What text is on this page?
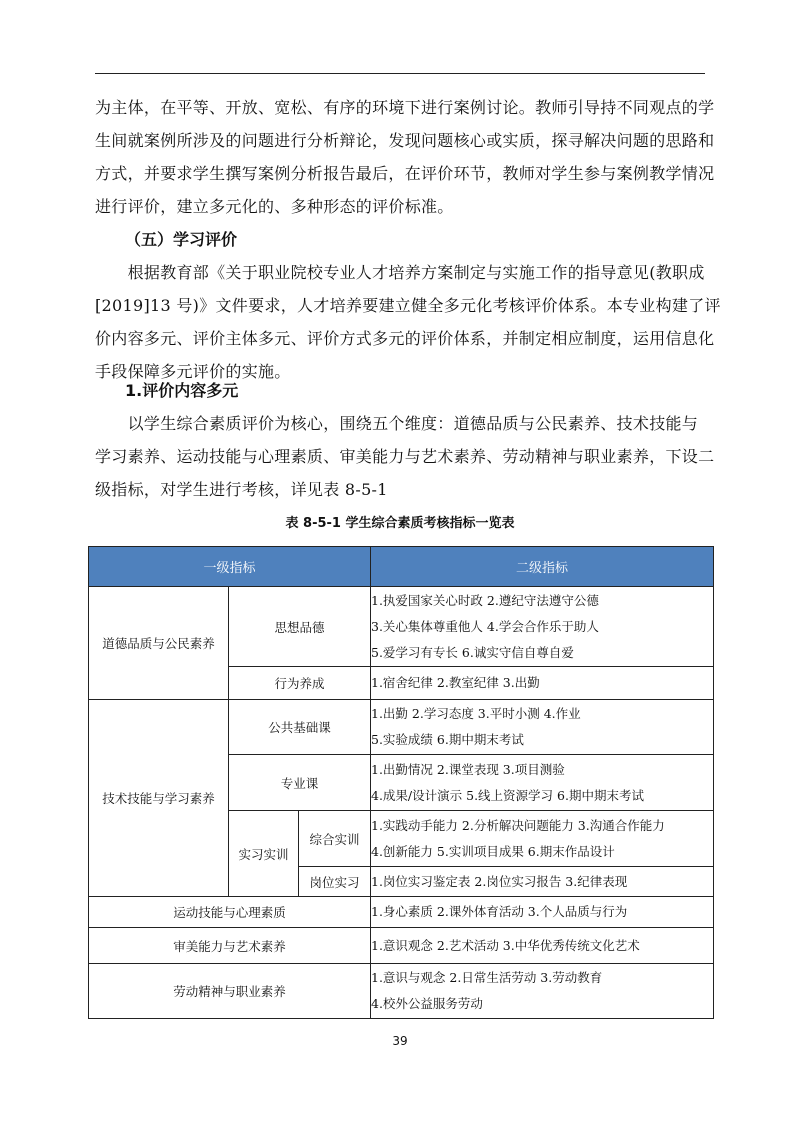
为主体，在平等、开放、宽松、有序的环境下进行案例讨论。教师引导持不同观点的学
生间就案例所涉及的问题进行分析辩论，发现问题核心或实质，探寻解决问题的思路和
方式，并要求学生撰写案例分析报告最后，在评价环节，教师对学生参与案例教学情况
进行评价，建立多元化的、多种形态的评价标准。
（五）学习评价
　　根据教育部《关于职业院校专业人才培养方案制定与实施工作的指导意见(教职成
[2019]13 号)》文件要求，人才培养要建立健全多元化考核评价体系。本专业构建了评
价内容多元、评价主体多元、评价方式多元的评价体系，并制定相应制度，运用信息化
手段保障多元评价的实施。
1.评价内容多元
　　以学生综合素质评价为核心，围绕五个维度：道德品质与公民素养、技术技能与
学习素养、运动技能与心理素质、审美能力与艺术素养、劳动精神与职业素养，下设二
级指标，对学生进行考核，详见表 8-5-1
表 8-5-1 学生综合素质考核指标一览表
一级指标			二级指标
道德品质与公民素养	思想品德		1.执爱国家关心时政 2.遵纪守法遵守公德
3.关心集体尊重他人 4.学会合作乐于助人
5.爱学习有专长 6.诚实守信自尊自爱

	行为养成		1.宿舍纪律 2.教室纪律 3.出勤

技术技能与学习素养	公共基础课		1.出勤 2.学习态度 3.平时小测 4.作业
5.实验成绩 6.期中期末考试

	专业课		1.出勤情况 2.课堂表现 3.项目测验
4.成果/设计演示 5.线上资源学习 6.期中期末考试

	实习实训	综合实训	1.实践动手能力 2.分析解决问题能力 3.沟通合作能力
4.创新能力 5.实训项目成果 6.期末作品设计

		岗位实习	1.岗位实习鉴定表 2.岗位实习报告 3.纪律表现

运动技能与心理素质			1.身心素质 2.课外体育活动 3.个人品质与行为

审美能力与艺术素养			1.意识观念 2.艺术活动 3.中华优秀传统文化艺术

劳动精神与职业素养			1.意识与观念 2.日常生活劳动 3.劳动教育
4.校外公益服务劳动
39
